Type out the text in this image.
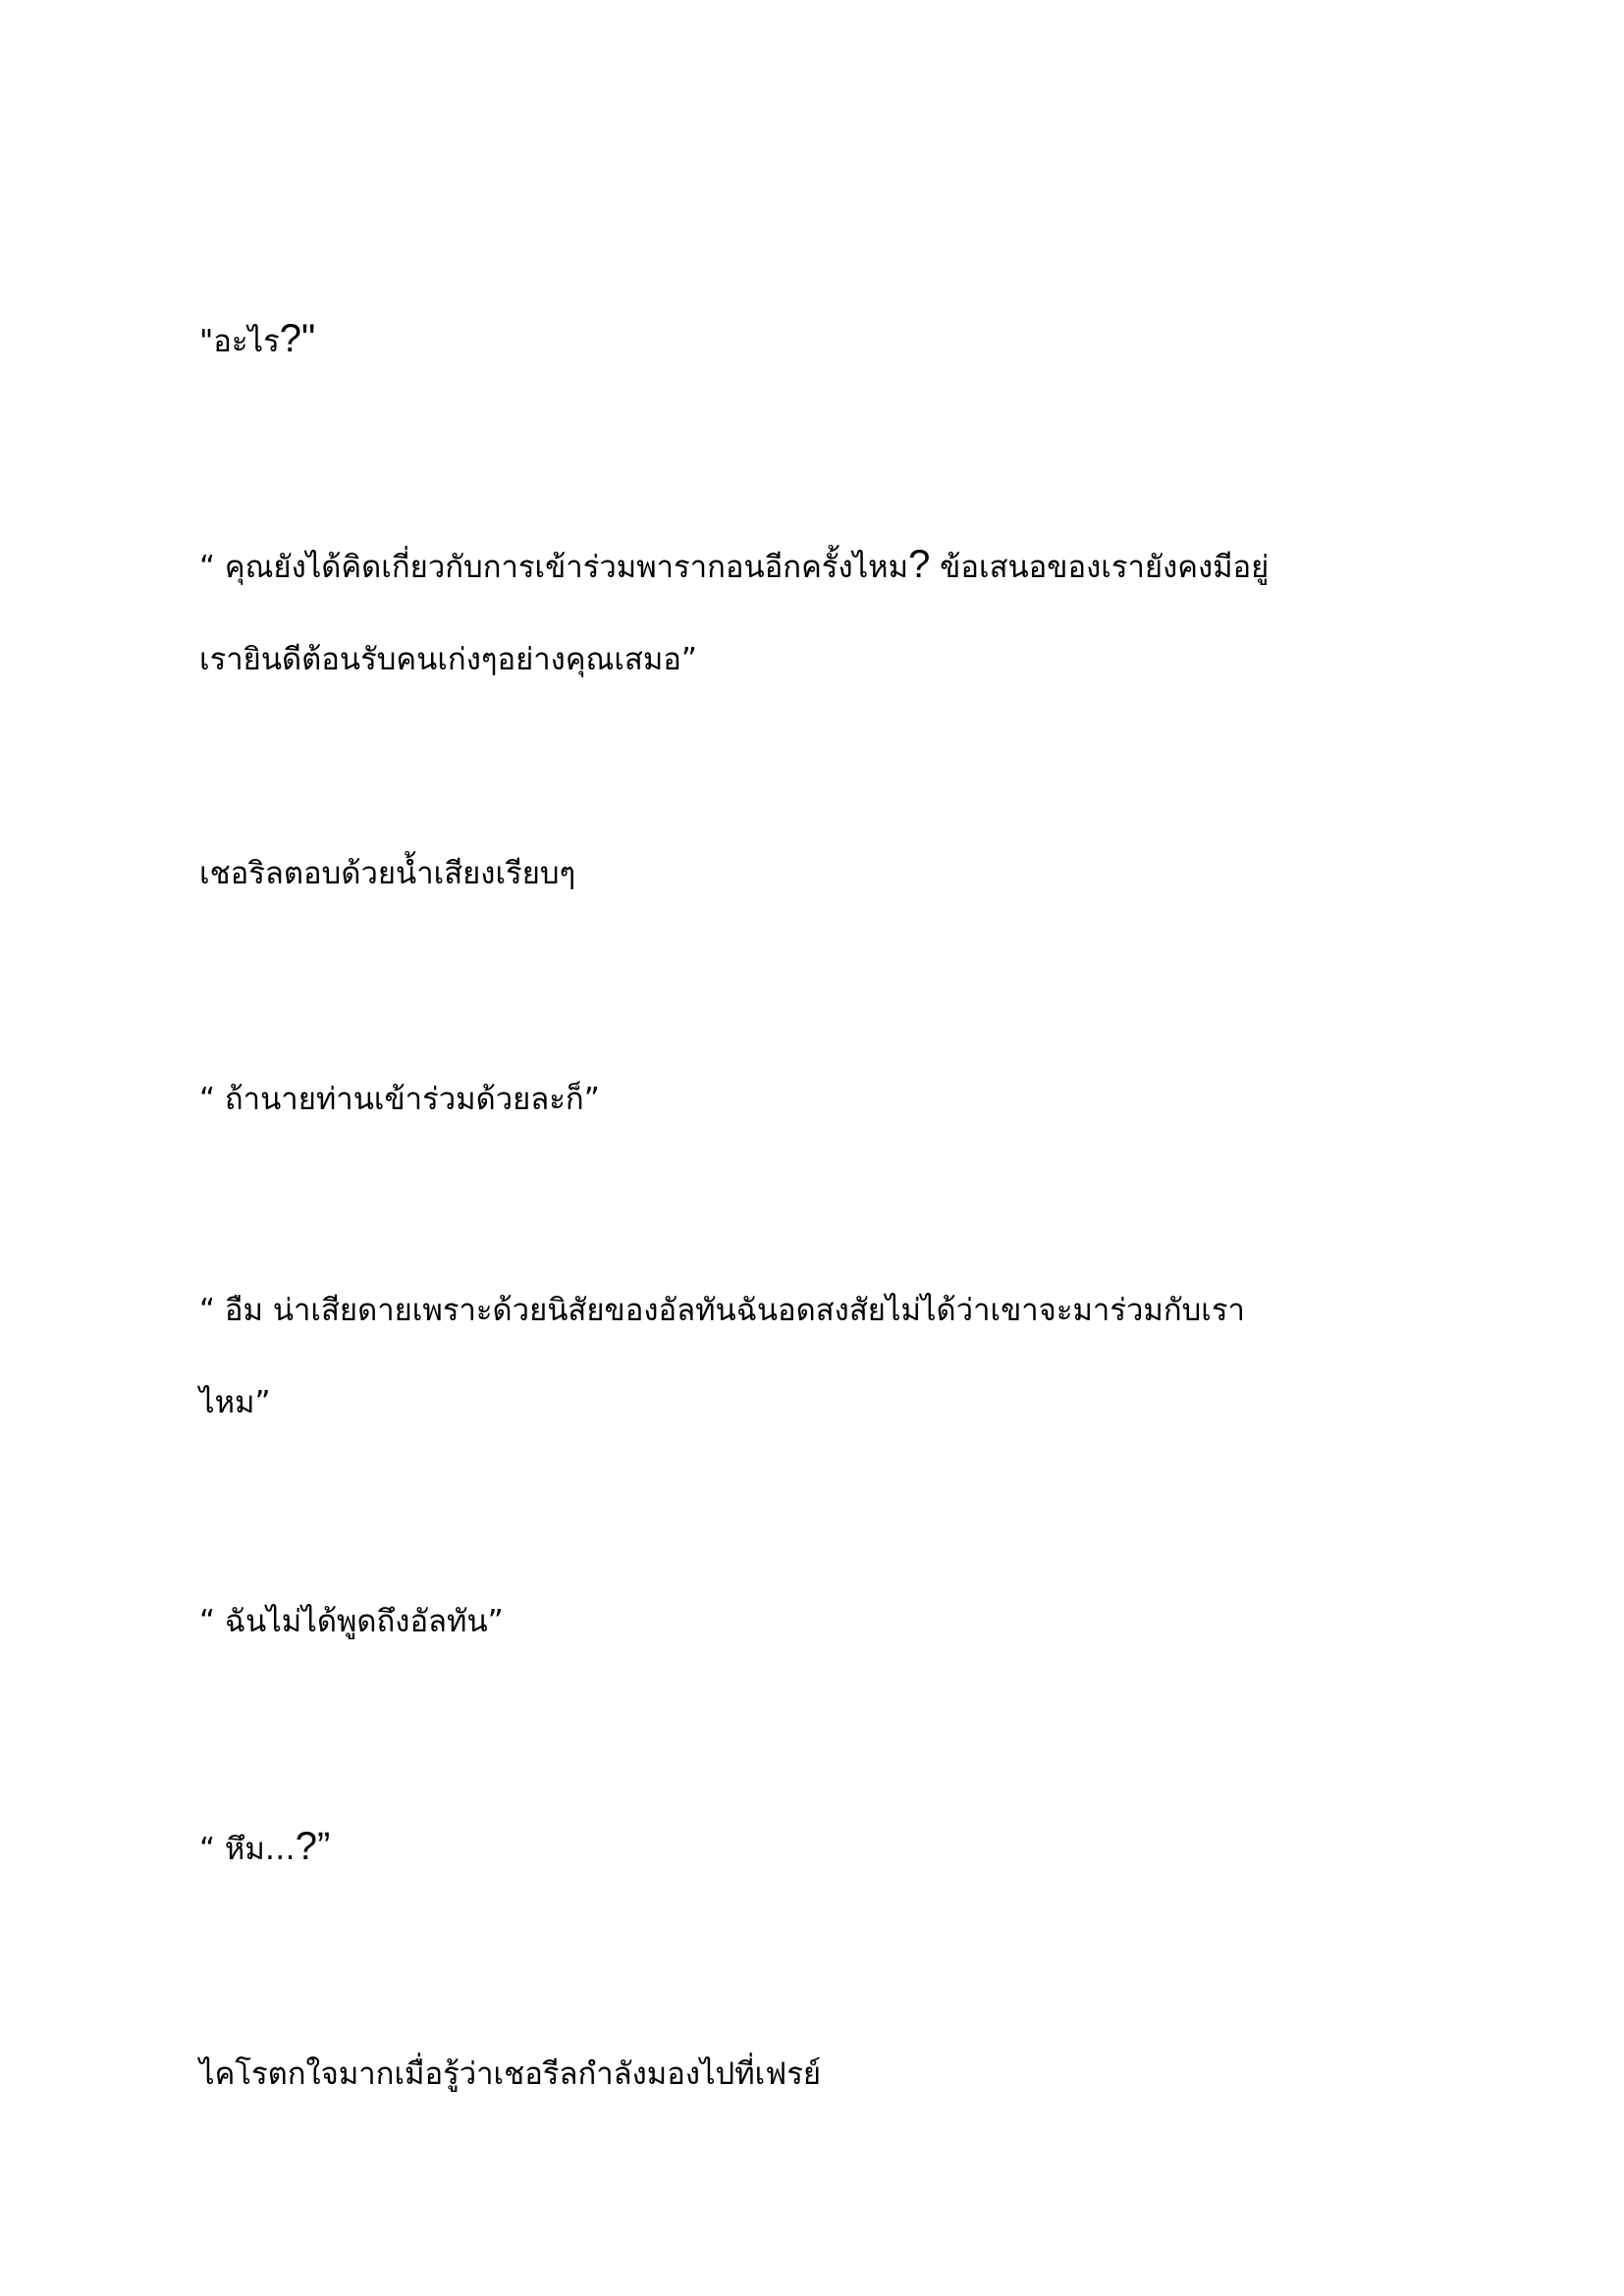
"อะไร?"

“ คุณยังได้คิดเกี่ยวกับการเข้าร่วมพารากอนอีกครั้งไหม? ข้อเสนอของเรายังคงมีอยู่
เรายินดีต้อนรับคนเก่งๆอย่างคุณเสมอ”

เชอริลตอบด้วยน้ำเสียงเรียบๆ

“ ถ้านายท่านเข้าร่วมด้วยละก็”

“ อืม น่าเสียดายเพราะด้วยนิสัยของอัลทันฉันอดสงสัยไม่ได้ว่าเขาจะมาร่วมกับเรา
ไหม”

“ ฉันไม่ได้พูดถึงอัลทัน”

“ หึม…?”

ไคโรตกใจมากเมื่อรู้ว่าเชอรีลกำลังมองไปที่เฟรย์
